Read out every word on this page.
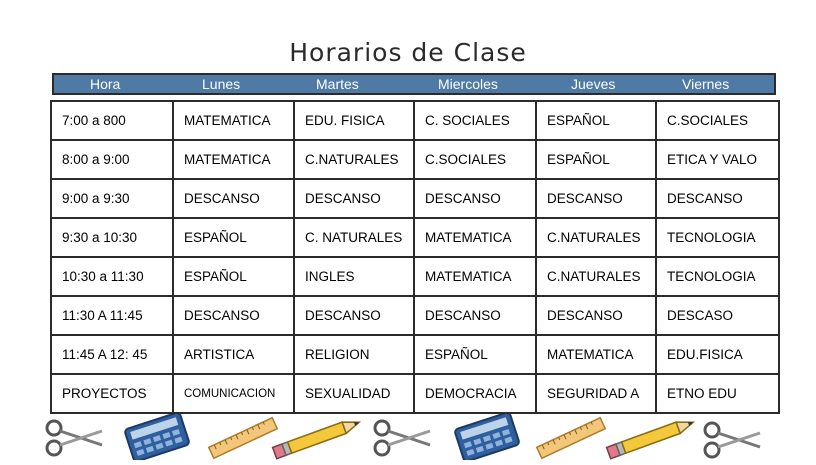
Horarios de Clase
Hora	Lunes	Martes	Miercoles	Jueves	Viernes
7:00 a 800	MATEMATICA	EDU. FISICA	C. SOCIALES	ESPAÑOL	C.SOCIALES
8:00 a 9:00	MATEMATICA	C.NATURALES	C.SOCIALES	ESPAÑOL	ETICA Y VALO
9:00 a 9:30	DESCANSO	DESCANSO	DESCANSO	DESCANSO	DESCANSO
9:30 a 10:30	ESPAÑOL	C. NATURALES	MATEMATICA	C.NATURALES	TECNOLOGIA
10:30 a 11:30	ESPAÑOL	INGLES	MATEMATICA	C.NATURALES	TECNOLOGIA
11:30 A 11:45	DESCANSO	DESCANSO	DESCANSO	DESCANSO	DESCASO
11:45 A 12: 45	ARTISTICA	RELIGION	ESPAÑOL	MATEMATICA	EDU.FISICA
PROYECTOS	COMUNICACION	SEXUALIDAD	DEMOCRACIA	SEGURIDAD A	ETNO EDU
